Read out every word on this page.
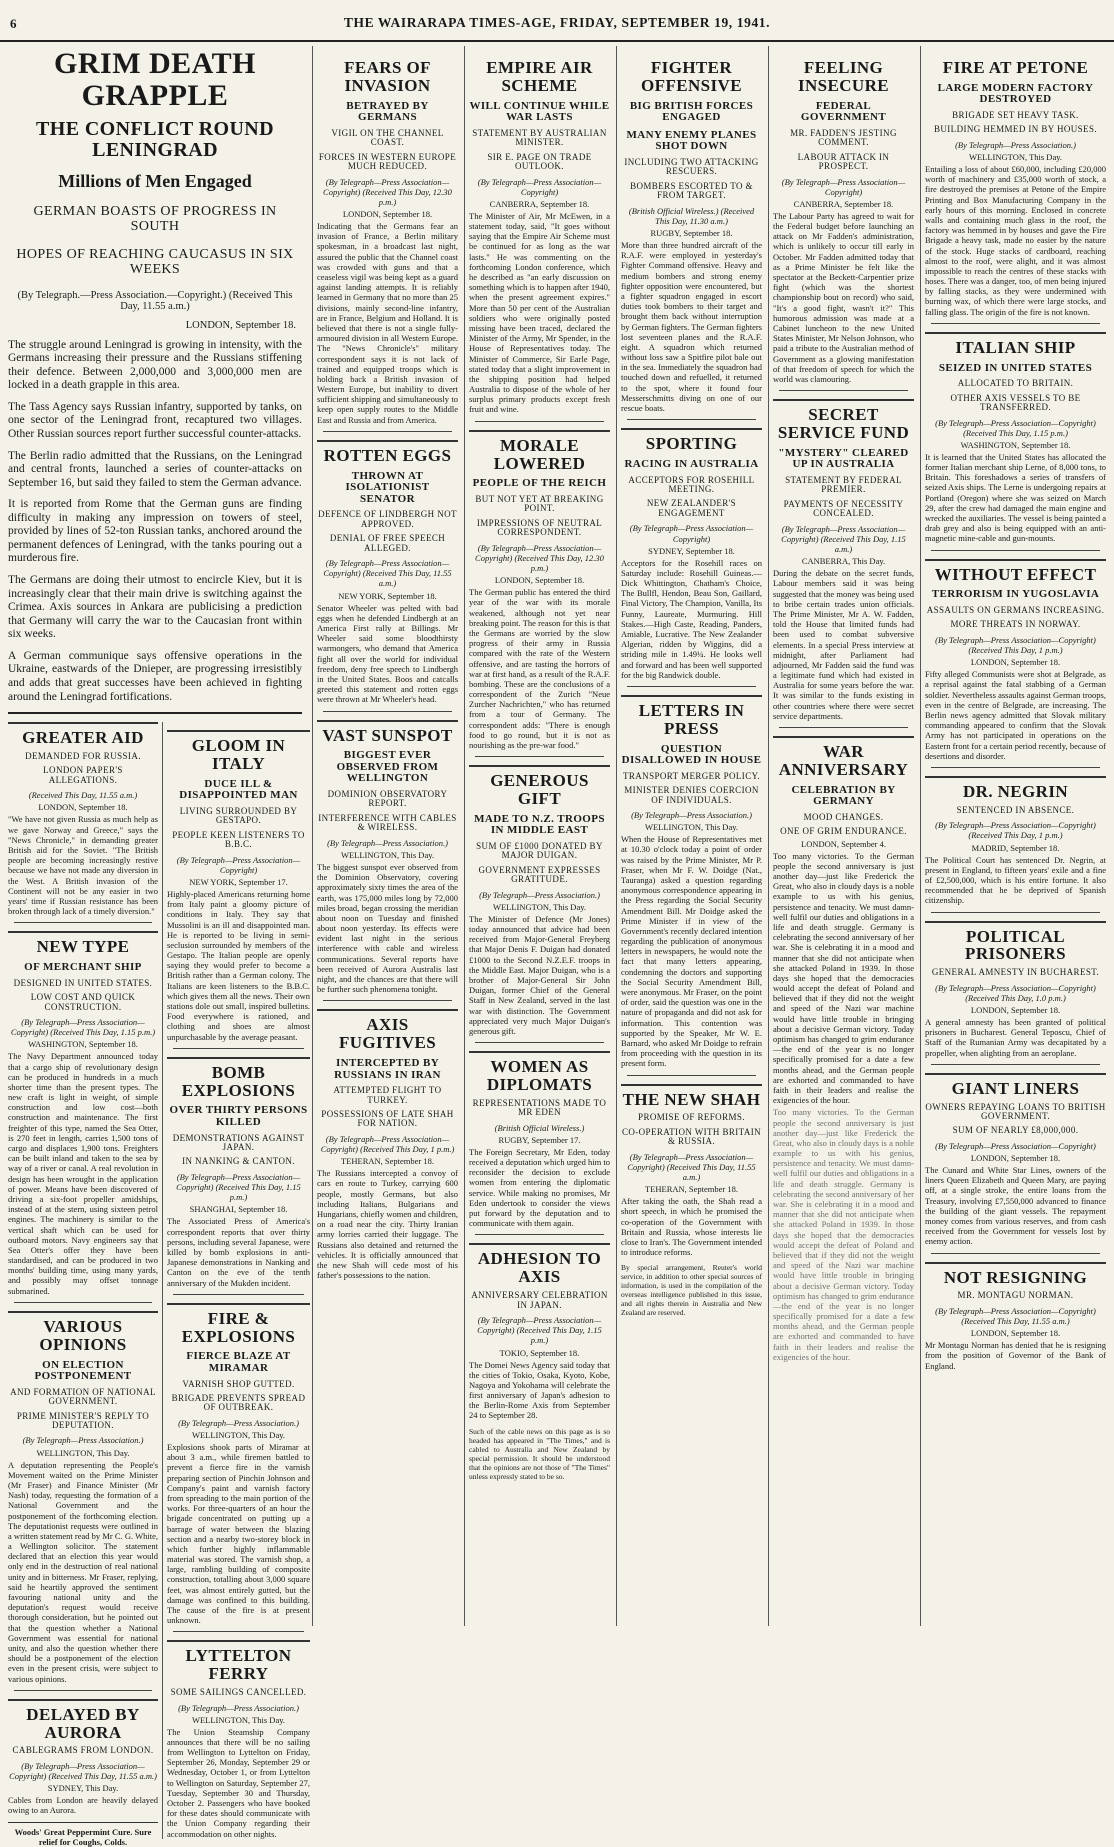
6	THE WAIRARAPA TIMES-AGE, FRIDAY, SEPTEMBER 19, 1941.
GRIM DEATH GRAPPLE
THE CONFLICT ROUND LENINGRAD
Millions of Men Engaged
GERMAN BOASTS OF PROGRESS IN SOUTH
HOPES OF REACHING CAUCASUS IN SIX WEEKS
(By Telegraph.—Press Association.—Copyright.) (Received This Day, 11.55 a.m.)
LONDON, September 18.

The struggle around Leningrad is growing in intensity, with the Germans increasing their pressure and the Russians stiffening their defence. Between 2,000,000 and 3,000,000 men are locked in a death grapple in this area.

The Tass Agency says Russian infantry, supported by tanks, on one sector of the Leningrad front, recaptured two villages. Other Russian sources report further successful counter-attacks.

The Berlin radio admitted that the Russians, on the Leningrad and central fronts, launched a series of counter-attacks on September 16, but said they failed to stem the German advance.

It is reported from Rome that the German guns are finding difficulty in making any impression on towers of steel, provided by lines of 52-ton Russian tanks, anchored around the permanent defences of Leningrad, with the tanks pouring out a murderous fire.

The Germans are doing their utmost to encircle Kiev, but it is increasingly clear that their main drive is switching against the Crimea. Axis sources in Ankara are publicising a prediction that Germany will carry the war to the Caucasian front within six weeks.

A German communique says offensive operations in the Ukraine, eastwards of the Dnieper, are progressing irresistibly and adds that great successes have been achieved in fighting around the Leningrad fortifications.

GREATER AID
DEMANDED FOR RUSSIA.
LONDON PAPER'S ALLEGATIONS.
(Received This Day, 11.55 a.m.)
LONDON, September 18.

"We have not given Russia as much help as we gave Norway and Greece," says the "News Chronicle," in demanding greater British aid for the Soviet. "The British people are becoming increasingly restive because we have not made any diversion in the West. A British invasion of the Continent will not be any easier in two years' time if Russian resistance has been broken through lack of a timely diversion."

NEW TYPE
OF MERCHANT SHIP
DESIGNED IN UNITED STATES.
LOW COST AND QUICK CONSTRUCTION.
(By Telegraph—Press Association—Copyright) (Received This Day, 1.15 p.m.)
WASHINGTON, September 18.

The Navy Department announced today that a cargo ship of revolutionary design can be produced in hundreds in a much shorter time than the present types. The new craft is light in weight, of simple construction and low cost—both construction and maintenance. The first freighter of this type, named the Sea Otter, is 270 feet in length, carries 1,500 tons of cargo and displaces 1,900 tons. Freighters can be built inland and taken to the sea by way of a river or canal. A real revolution in design has been wrought in the application of power. Means have been discovered of driving a six-foot propeller amidships, instead of at the stern, using sixteen petrol engines. The machinery is similar to the vertical shaft which can be used for outboard motors. Navy engineers say that Sea Otter's offer they have been standardised, and can be produced in two months' building time, using many yards, and possibly may offset tonnage submarined.

VARIOUS OPINIONS
ON ELECTION POSTPONEMENT
AND FORMATION OF NATIONAL GOVERNMENT.
PRIME MINISTER'S REPLY TO DEPUTATION.
(By Telegraph—Press Association.)
WELLINGTON, This Day.

A deputation representing the People's Movement waited on the Prime Minister (Mr Fraser) and Finance Minister (Mr Nash) today, requesting the formation of a National Government and the postponement of the forthcoming election. The deputationist requests were outlined in a written statement read by Mr C. G. White, a Wellington solicitor. The statement declared that an election this year would only end in the destruction of real national unity and in bitterness. Mr Fraser, replying, said he heartily approved the sentiment favouring national unity and the deputation's request would receive thorough consideration, but he pointed out that the question whether a National Government was essential for national unity, and also the question whether there should be a postponement of the election even in the present crisis, were subject to various opinions.

DELAYED BY AURORA
CABLEGRAMS FROM LONDON.
(By Telegraph—Press Association—Copyright) (Received This Day, 11.55 a.m.)
SYDNEY, This Day.

Cables from London are heavily delayed owing to an Aurora.

Woods' Great Peppermint Cure. Sure relief for Coughs, Colds.
GLOOM IN ITALY
DUCE ILL & DISAPPOINTED MAN
LIVING SURROUNDED BY GESTAPO.
PEOPLE KEEN LISTENERS TO B.B.C.
(By Telegraph—Press Association—Copyright)
NEW YORK, September 17.

Highly-placed Americans returning home from Italy paint a gloomy picture of conditions in Italy. They say that Mussolini is an ill and disappointed man. He is reported to be living in semi-seclusion surrounded by members of the Gestapo. The Italian people are openly saying they would prefer to become a British rather than a German colony. The Italians are keen listeners to the B.B.C. which gives them all the news. Their own stations dole out small, inspired bulletins. Food everywhere is rationed, and clothing and shoes are almost unpurchasable by the average peasant.

BOMB EXPLOSIONS
OVER THIRTY PERSONS KILLED
DEMONSTRATIONS AGAINST JAPAN.
IN NANKING & CANTON.
(By Telegraph—Press Association—Copyright) (Received This Day, 1.15 p.m.)
SHANGHAI, September 18.

The Associated Press of America's correspondent reports that over thirty persons, including several Japanese, were killed by bomb explosions in anti-Japanese demonstrations in Nanking and Canton on the eve of the tenth anniversary of the Mukden incident.

FIRE & EXPLOSIONS
FIERCE BLAZE AT MIRAMAR
VARNISH SHOP GUTTED.
BRIGADE PREVENTS SPREAD OF OUTBREAK.
(By Telegraph—Press Association.)
WELLINGTON, This Day.

Explosions shook parts of Miramar at about 3 a.m., while firemen battled to prevent a fierce fire in the varnish preparing section of Pinchin Johnson and Company's paint and varnish factory from spreading to the main portion of the works. For three-quarters of an hour the brigade concentrated on putting up a barrage of water between the blazing section and a nearby two-storey block in which further highly inflammable material was stored. The varnish shop, a large, rambling building of composite construction, totalling about 3,000 square feet, was almost entirely gutted, but the damage was confined to this building. The cause of the fire is at present unknown.

LYTTELTON FERRY
SOME SAILINGS CANCELLED.
(By Telegraph—Press Association.)
WELLINGTON, This Day.

The Union Steamship Company announces that there will be no sailing from Wellington to Lyttelton on Friday, September 26, Monday, September 29 or Wednesday, October 1, or from Lyttelton to Wellington on Saturday, September 27, Tuesday, September 30 and Thursday, October 2. Passengers who have booked for these dates should communicate with the Union Company regarding their accommodation on other nights.

FEARS OF INVASION
BETRAYED BY GERMANS
VIGIL ON THE CHANNEL COAST.
FORCES IN WESTERN EUROPE MUCH REDUCED.
(By Telegraph—Press Association—Copyright) (Received This Day, 12.30 p.m.)
LONDON, September 18.

Indicating that the Germans fear an invasion of France, a Berlin military spokesman, in a broadcast last night, assured the public that the Channel coast was crowded with guns and that a ceaseless vigil was being kept as a guard against landing attempts. It is reliably learned in Germany that no more than 25 divisions, mainly second-line infantry, are in France, Belgium and Holland. It is believed that there is not a single fully-armoured division in all Western Europe. The "News Chronicle's" military correspondent says it is not lack of trained and equipped troops which is holding back a British invasion of Western Europe, but inability to divert sufficient shipping and simultaneously to keep open supply routes to the Middle East and Russia and from America.

ROTTEN EGGS
THROWN AT ISOLATIONIST SENATOR
DEFENCE OF LINDBERGH NOT APPROVED.
DENIAL OF FREE SPEECH ALLEGED.
(By Telegraph—Press Association—Copyright) (Received This Day, 11.55 a.m.)
NEW YORK, September 18.

Senator Wheeler was pelted with bad eggs when he defended Lindbergh at an America First rally at Billings. Mr Wheeler said some bloodthirsty warmongers, who demand that America fight all over the world for individual freedom, deny free speech to Lindbergh in the United States. Boos and catcalls greeted this statement and rotten eggs were thrown at Mr Wheeler's head.

VAST SUNSPOT
BIGGEST EVER OBSERVED FROM WELLINGTON
DOMINION OBSERVATORY REPORT.
INTERFERENCE WITH CABLES & WIRELESS.
(By Telegraph—Press Association.)
WELLINGTON, This Day.

The biggest sunspot ever observed from the Dominion Observatory, covering approximately sixty times the area of the earth, was 175,000 miles long by 72,000 miles broad, began crossing the meridian about noon on Tuesday and finished about noon yesterday. Its effects were evident last night in the serious interference with cable and wireless communications. Several reports have been received of Aurora Australis last night, and the chances are that there will be further such phenomena tonight.

AXIS FUGITIVES
INTERCEPTED BY RUSSIANS IN IRAN
ATTEMPTED FLIGHT TO TURKEY.
POSSESSIONS OF LATE SHAH FOR NATION.
(By Telegraph—Press Association—Copyright) (Received This Day, 1 p.m.)
TEHERAN, September 18.

The Russians intercepted a convoy of cars en route to Turkey, carrying 600 people, mostly Germans, but also including Italians, Bulgarians and Hungarians, chiefly women and children, on a road near the city. Thirty Iranian army lorries carried their luggage. The Russians also detained and returned the vehicles. It is officially announced that the new Shah will cede most of his father's possessions to the nation.

EMPIRE AIR SCHEME
WILL CONTINUE WHILE WAR LASTS
STATEMENT BY AUSTRALIAN MINISTER.
SIR E. PAGE ON TRADE OUTLOOK.
(By Telegraph—Press Association—Copyright)
CANBERRA, September 18.

The Minister of Air, Mr McEwen, in a statement today, said, "It goes without saying that the Empire Air Scheme must be continued for as long as the war lasts." He was commenting on the forthcoming London conference, which he described as "an early discussion on something which is to happen after 1940, when the present agreement expires." More than 50 per cent of the Australian soldiers who were originally posted missing have been traced, declared the Minister of the Army, Mr Spender, in the House of Representatives today. The Minister of Commerce, Sir Earle Page, stated today that a slight improvement in the shipping position had helped Australia to dispose of the whole of her surplus primary products except fresh fruit and wine.

MORALE LOWERED
PEOPLE OF THE REICH
BUT NOT YET AT BREAKING POINT.
IMPRESSIONS OF NEUTRAL CORRESPONDENT.
(By Telegraph—Press Association—Copyright) (Received This Day, 12.30 p.m.)
LONDON, September 18.

The German public has entered the third year of the war with its morale weakened, although not yet near breaking point. The reason for this is that the Germans are worried by the slow progress of their army in Russia compared with the rate of the Western offensive, and are tasting the horrors of war at first hand, as a result of the R.A.F. bombing. These are the conclusions of a correspondent of the Zurich "Neue Zurcher Nachrichten," who has returned from a tour of Germany. The correspondent adds: "There is enough food to go round, but it is not as nourishing as the pre-war food."

GENEROUS GIFT
MADE TO N.Z. TROOPS IN MIDDLE EAST
SUM OF £1000 DONATED BY MAJOR DUIGAN.
GOVERNMENT EXPRESSES GRATITUDE.
(By Telegraph—Press Association.)
WELLINGTON, This Day.

The Minister of Defence (Mr Jones) today announced that advice had been received from Major-General Freyberg that Major Denis F. Duigan had donated £1000 to the Second N.Z.E.F. troops in the Middle East. Major Duigan, who is a brother of Major-General Sir John Duigan, former Chief of the General Staff in New Zealand, served in the last war with distinction. The Government appreciated very much Major Duigan's generous gift.

WOMEN AS DIPLOMATS
REPRESENTATIONS MADE TO MR EDEN
(British Official Wireless.)
RUGBY, September 17.

The Foreign Secretary, Mr Eden, today received a deputation which urged him to reconsider the decision to exclude women from entering the diplomatic service. While making no promises, Mr Eden undertook to consider the views put forward by the deputation and to communicate with them again.

ADHESION TO AXIS
ANNIVERSARY CELEBRATION IN JAPAN.
(By Telegraph—Press Association—Copyright) (Received This Day, 1.15 p.m.)
TOKIO, September 18.

The Domei News Agency said today that the cities of Tokio, Osaka, Kyoto, Kobe, Nagoya and Yokohama will celebrate the first anniversary of Japan's adhesion to the Berlin-Rome Axis from September 24 to September 28.

Such of the cable news on this page as is so headed has appeared in "The Times," and is cabled to Australia and New Zealand by special permission. It should be understood that the opinions are not those of "The Times" unless expressly stated to be so.

FIGHTER OFFENSIVE
BIG BRITISH FORCES ENGAGED
MANY ENEMY PLANES SHOT DOWN
INCLUDING TWO ATTACKING RESCUERS.
BOMBERS ESCORTED TO & FROM TARGET.
(British Official Wireless.) (Received This Day, 11.30 a.m.)
RUGBY, September 18.

More than three hundred aircraft of the R.A.F. were employed in yesterday's Fighter Command offensive. Heavy and medium bombers and strong enemy fighter opposition were encountered, but a fighter squadron engaged in escort duties took bombers to their target and brought them back without interruption by German fighters. The German fighters lost seventeen planes and the R.A.F. eight. A squadron which returned without loss saw a Spitfire pilot bale out in the sea. Immediately the squadron had touched down and refuelled, it returned to the spot, where it found four Messerschmitts diving on one of our rescue boats.

SPORTING
RACING IN AUSTRALIA
ACCEPTORS FOR ROSEHILL MEETING.
NEW ZEALANDER'S ENGAGEMENT
(By Telegraph—Press Association—Copyright)
SYDNEY, September 18.

Acceptors for the Rosehill races on Saturday include: Rosehill Guineas.—Dick Whittington, Chatham's Choice, The Bullfl, Hendon, Beau Son, Gaillard, Final Victory, The Champion, Vanilla, Its Funny, Laureate, Murmuring. Hill Stakes.—High Caste, Reading, Panders, Amiable, Lucrative. The New Zealander Algerian, ridden by Wiggins, did a striding mile in 1.49¼. He looks well and forward and has been well supported for the big Randwick double.

LETTERS IN PRESS
QUESTION DISALLOWED IN HOUSE
TRANSPORT MERGER POLICY.
MINISTER DENIES COERCION OF INDIVIDUALS.
(By Telegraph—Press Association.)
WELLINGTON, This Day.

When the House of Representatives met at 10.30 o'clock today a point of order was raised by the Prime Minister, Mr P. Fraser, when Mr F. W. Doidge (Nat., Tauranga) asked a question regarding anonymous correspondence appearing in the Press regarding the Social Security Amendment Bill. Mr Doidge asked the Prime Minister if in view of the Government's recently declared intention regarding the publication of anonymous letters in newspapers, he would note the fact that many letters appearing, condemning the doctors and supporting the Social Security Amendment Bill, were anonymous. Mr Fraser, on the point of order, said the question was one in the nature of propaganda and did not ask for information. This contention was supported by the Speaker, Mr W. E. Barnard, who asked Mr Doidge to refrain from proceeding with the question in its present form.

THE NEW SHAH
PROMISE OF REFORMS.
CO-OPERATION WITH BRITAIN & RUSSIA.
(By Telegraph—Press Association—Copyright) (Received This Day, 11.55 a.m.)
TEHERAN, September 18.

After taking the oath, the Shah read a short speech, in which he promised the co-operation of the Government with Britain and Russia, whose interests lie close to Iran's. The Government intended to introduce reforms.

By special arrangement, Reuter's world service, in addition to other special sources of information, is used in the compilation of the overseas intelligence published in this issue, and all rights therein in Australia and New Zealand are reserved.

FEELING INSECURE
FEDERAL GOVERNMENT
MR. FADDEN'S JESTING COMMENT.
LABOUR ATTACK IN PROSPECT.
(By Telegraph—Press Association—Copyright)
CANBERRA, September 18.

The Labour Party has agreed to wait for the Federal budget before launching an attack on Mr Fadden's administration, which is unlikely to occur till early in October. Mr Fadden admitted today that as a Prime Minister he felt like the spectator at the Beckett-Carpentier prize fight (which was the shortest championship bout on record) who said, "It's a good fight, wasn't it?" This humorous admission was made at a Cabinet luncheon to the new United States Minister, Mr Nelson Johnson, who paid a tribute to the Australian method of Government as a glowing manifestation of that freedom of speech for which the world was clamouring.

SECRET SERVICE FUND
"MYSTERY" CLEARED UP IN AUSTRALIA
STATEMENT BY FEDERAL PREMIER.
PAYMENTS OF NECESSITY CONCEALED.
(By Telegraph—Press Association—Copyright) (Received This Day, 1.15 a.m.)
CANBERRA, This Day.

During the debate on the secret funds, Labour members said it was being suggested that the money was being used to bribe certain trades union officials. The Prime Minister, Mr A. W. Fadden, told the House that limited funds had been used to combat subversive elements. In a special Press interview at midnight, after Parliament had adjourned, Mr Fadden said the fund was a legitimate fund which had existed in Australia for some years before the war. It was similar to the funds existing in other countries where there were secret service departments.

WAR ANNIVERSARY
CELEBRATION BY GERMANY
MOOD CHANGES.
ONE OF GRIM ENDURANCE.
LONDON, September 4.

Too many victories. To the German people the second anniversary is just another day—just like Frederick the Great, who also in cloudy days is a noble example to us with his genius, persistence and tenacity. We must damn-well fulfil our duties and obligations in a life and death struggle. Germany is celebrating the second anniversary of her war. She is celebrating it in a mood and manner that she did not anticipate when she attacked Poland in 1939. In those days she hoped that the democracies would accept the defeat of Poland and believed that if they did not the weight and speed of the Nazi war machine would have little trouble in bringing about a decisive German victory. Today optimism has changed to grim endurance—the end of the year is no longer specifically promised for a date a few months ahead, and the German people are exhorted and commanded to have faith in their leaders and realise the exigencies of the hour.

Too many victories. To the German people the second anniversary is just another day—just like Frederick the Great, who also in cloudy days is a noble example to us with his genius, persistence and tenacity. We must damn-well fulfil our duties and obligations in a life and death struggle. Germany is celebrating the second anniversary of her war. She is celebrating it in a mood and manner that she did not anticipate when she attacked Poland in 1939. In those days she hoped that the democracies would accept the defeat of Poland and believed that if they did not the weight and speed of the Nazi war machine would have little trouble in bringing about a decisive German victory. Today optimism has changed to grim endurance—the end of the year is no longer specifically promised for a date a few months ahead, and the German people are exhorted and commanded to have faith in their leaders and realise the exigencies of the hour.

FIRE AT PETONE
LARGE MODERN FACTORY DESTROYED
BRIGADE SET HEAVY TASK.
BUILDING HEMMED IN BY HOUSES.
(By Telegraph—Press Association.)
WELLINGTON, This Day.

Entailing a loss of about £60,000, including £20,000 worth of machinery and £35,000 worth of stock, a fire destroyed the premises at Petone of the Empire Printing and Box Manufacturing Company in the early hours of this morning. Enclosed in concrete walls and containing much glass in the roof, the factory was hemmed in by houses and gave the Fire Brigade a heavy task, made no easier by the nature of the stock. Huge stacks of cardboard, reaching almost to the roof, were alight, and it was almost impossible to reach the centres of these stacks with hoses. There was a danger, too, of men being injured by falling stacks, as they were undermined with burning wax, of which there were large stocks, and falling glass. The origin of the fire is not known.

ITALIAN SHIP
SEIZED IN UNITED STATES
ALLOCATED TO BRITAIN.
OTHER AXIS VESSELS TO BE TRANSFERRED.
(By Telegraph—Press Association—Copyright) (Received This Day, 1.15 p.m.)
WASHINGTON, September 18.

It is learned that the United States has allocated the former Italian merchant ship Lerne, of 8,000 tons, to Britain. This foreshadows a series of transfers of seized Axis ships. The Lerne is undergoing repairs at Portland (Oregon) where she was seized on March 29, after the crew had damaged the main engine and wrecked the auxiliaries. The vessel is being painted a drab grey and also is being equipped with an anti-magnetic mine-cable and gun-mounts.

WITHOUT EFFECT
TERRORISM IN YUGOSLAVIA
ASSAULTS ON GERMANS INCREASING.
MORE THREATS IN NORWAY.
(By Telegraph—Press Association—Copyright) (Received This Day, 1 p.m.)
LONDON, September 18.

Fifty alleged Communists were shot at Belgrade, as a reprisal against the fatal stabbing of a German soldier. Nevertheless assaults against German troops, even in the centre of Belgrade, are increasing. The Berlin news agency admitted that Slovak military commanding appeared to confirm that the Slovak Army has not participated in operations on the Eastern front for a certain period recently, because of desertions and disorder.

DR. NEGRIN
SENTENCED IN ABSENCE.
(By Telegraph—Press Association—Copyright) (Received This Day, 1 p.m.)
MADRID, September 18.

The Political Court has sentenced Dr. Negrin, at present in England, to fifteen years' exile and a fine of £2,500,000, which is his entire fortune. It also recommended that he be deprived of Spanish citizenship.

POLITICAL PRISONERS
GENERAL AMNESTY IN BUCHAREST.
(By Telegraph—Press Association—Copyright) (Received This Day, 1.0 p.m.)
LONDON, September 18.

A general amnesty has been granted of political prisoners in Bucharest. General Teposcu, Chief of Staff of the Rumanian Army was decapitated by a propeller, when alighting from an aeroplane.

GIANT LINERS
OWNERS REPAYING LOANS TO BRITISH GOVERNMENT.
SUM OF NEARLY £8,000,000.
(By Telegraph—Press Association—Copyright)
LONDON, September 18.

The Cunard and White Star Lines, owners of the liners Queen Elizabeth and Queen Mary, are paying off, at a single stroke, the entire loans from the Treasury, involving £7,550,000 advanced to finance the building of the giant vessels. The repayment money comes from various reserves, and from cash received from the Government for vessels lost by enemy action.

NOT RESIGNING
MR. MONTAGU NORMAN.
(By Telegraph—Press Association—Copyright) (Received This Day, 11.55 a.m.)
LONDON, September 18.

Mr Montagu Norman has denied that he is resigning from the position of Governor of the Bank of England.
